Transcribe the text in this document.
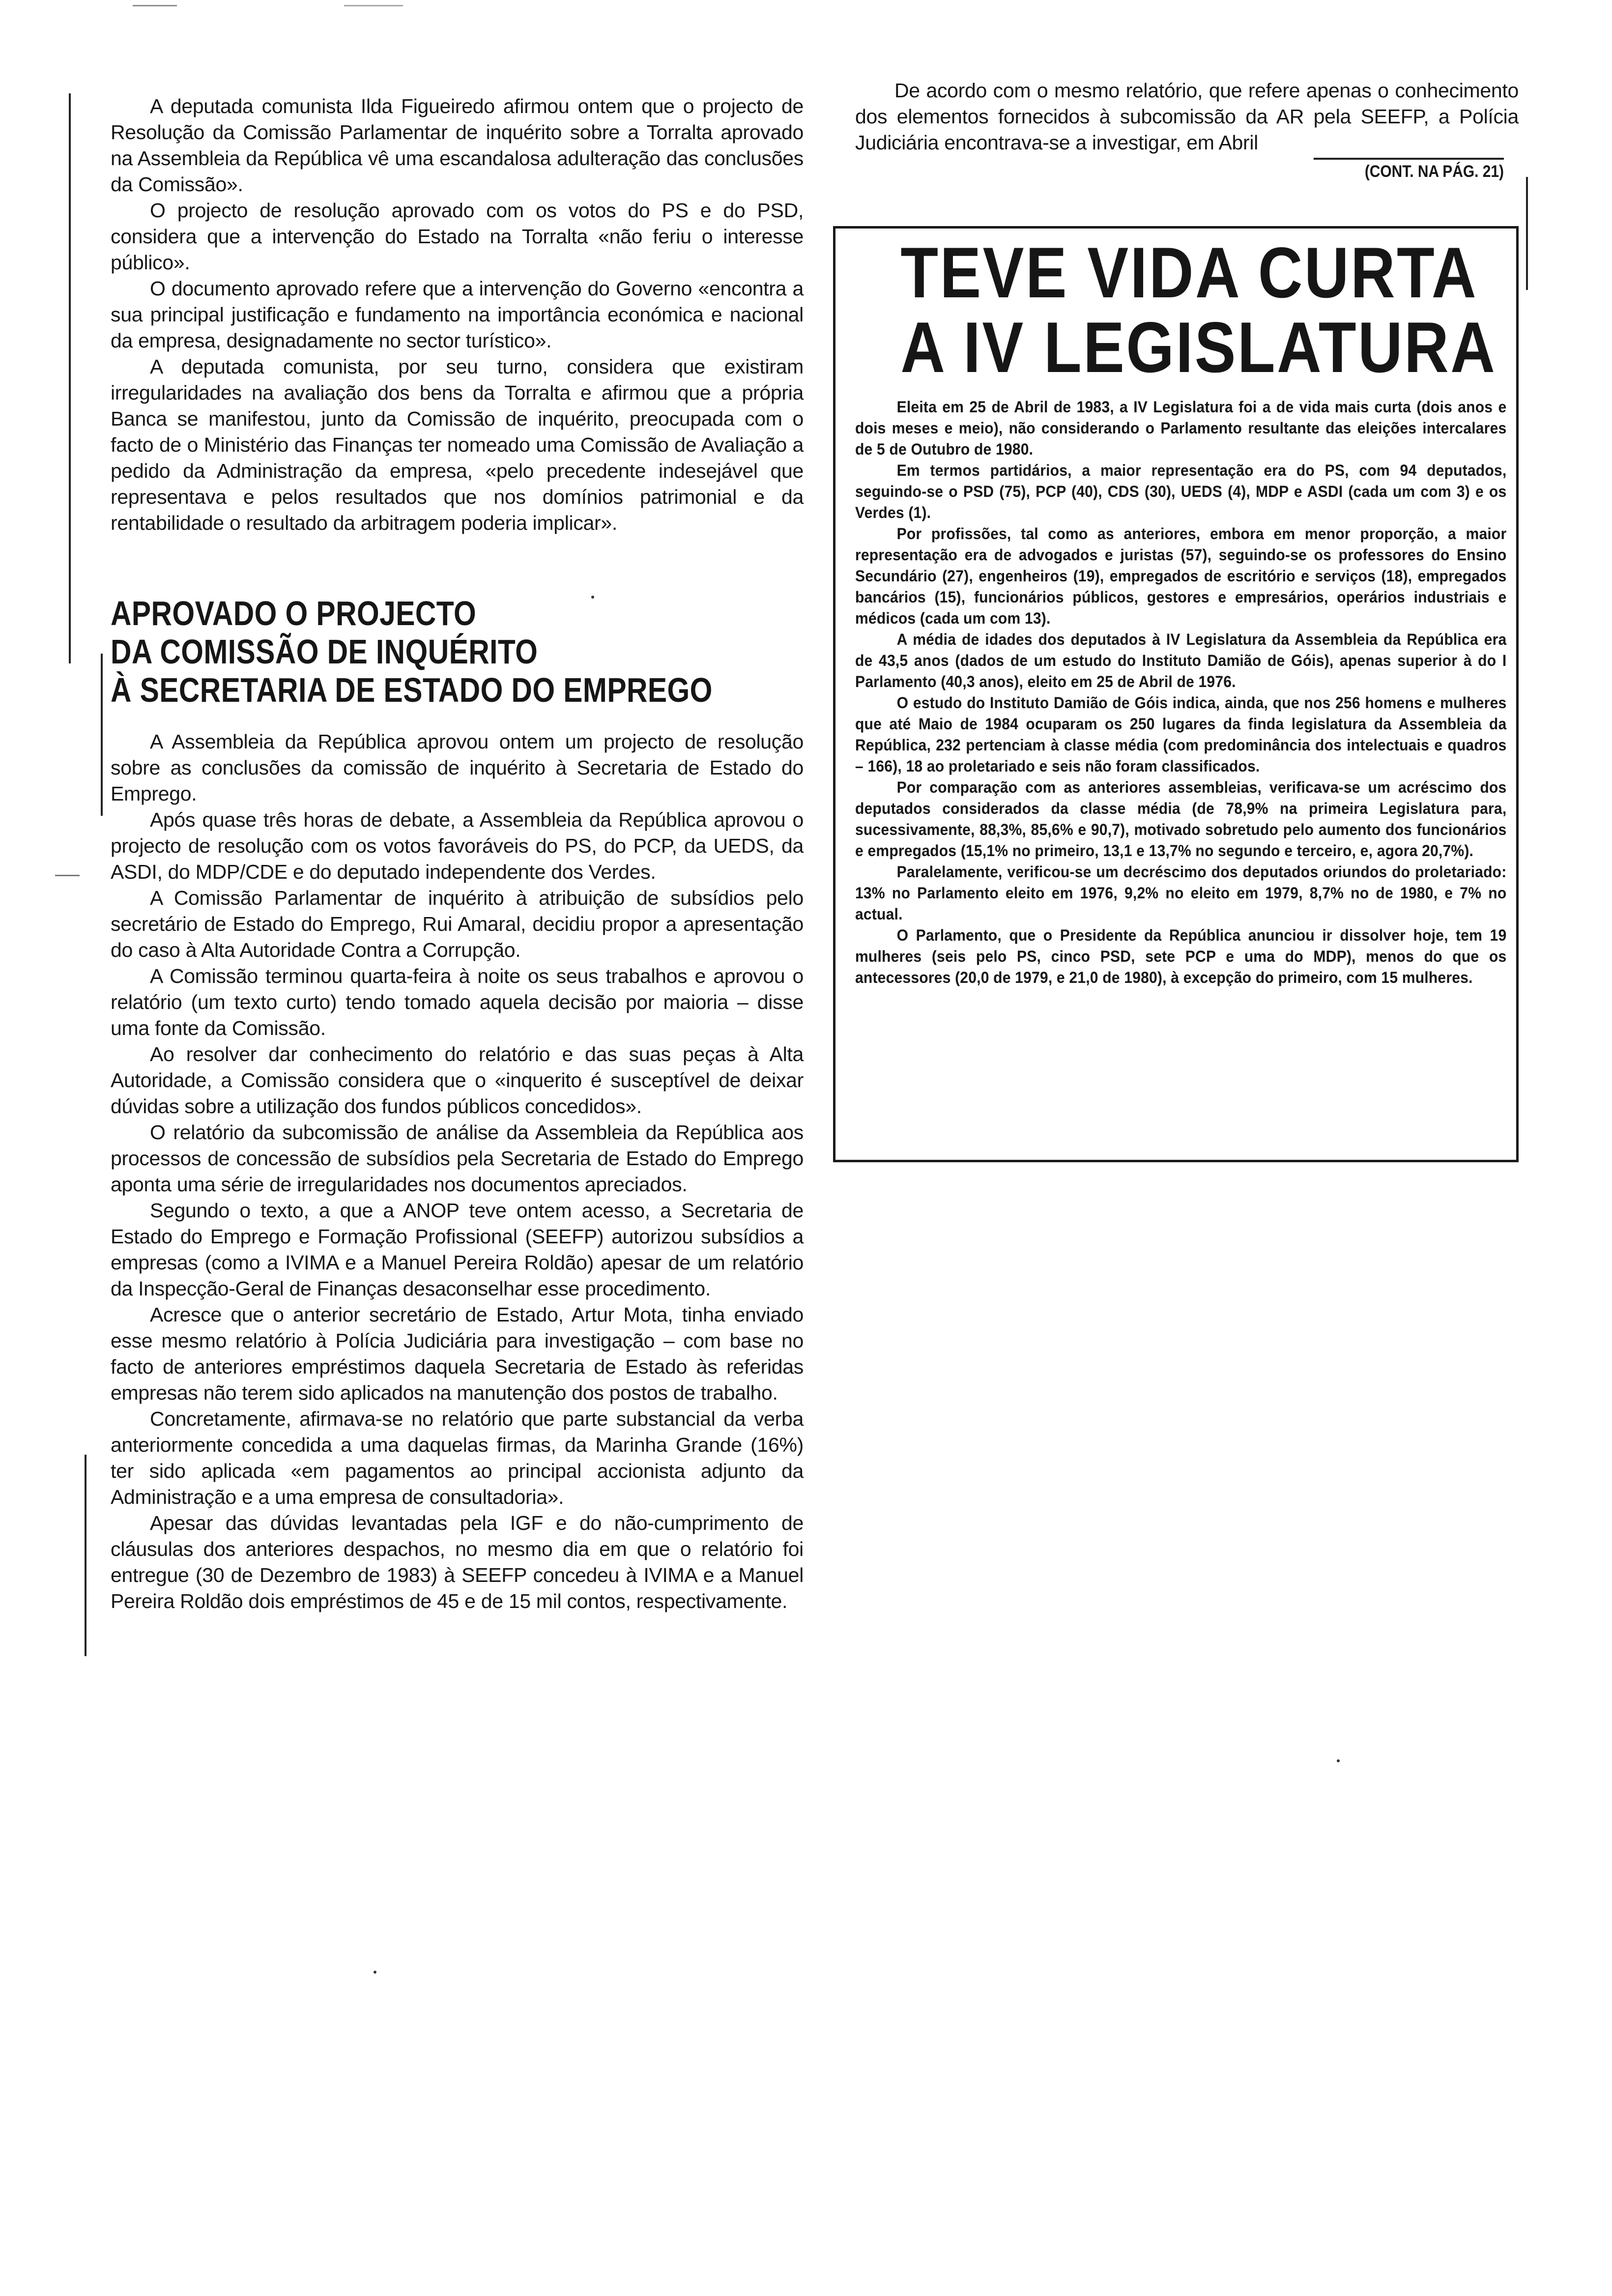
A deputada comunista Ilda Figueiredo afirmou ontem que o projecto de Resolução da Comissão Parlamentar de inquérito sobre a Torralta aprovado na Assembleia da República vê uma escandalosa adulteração das conclusões da Comissão».

O projecto de resolução aprovado com os votos do PS e do PSD, considera que a intervenção do Estado na Torralta «não feriu o interesse público».

O documento aprovado refere que a intervenção do Governo «encontra a sua principal justificação e fundamento na importância económica e nacional da empresa, designadamente no sector turístico».

A deputada comunista, por seu turno, considera que existiram irregularidades na avaliação dos bens da Torralta e afirmou que a própria Banca se manifestou, junto da Comissão de inquérito, preocupada com o facto de o Ministério das Finanças ter nomeado uma Comissão de Avaliação a pedido da Administração da empresa, «pelo precedente indesejável que representava e pelos resultados que nos domínios patrimonial e da rentabilidade o resultado da arbitragem poderia implicar».

APROVADO O PROJECTO
DA COMISSÃO DE INQUÉRITO
À SECRETARIA DE ESTADO DO EMPREGO

A Assembleia da República aprovou ontem um projecto de resolução sobre as conclusões da comissão de inquérito à Secretaria de Estado do Emprego.

Após quase três horas de debate, a Assembleia da República aprovou o projecto de resolução com os votos favoráveis do PS, do PCP, da UEDS, da ASDI, do MDP/CDE e do deputado independente dos Verdes.

A Comissão Parlamentar de inquérito à atribuição de subsídios pelo secretário de Estado do Emprego, Rui Amaral, decidiu propor a apresentação do caso à Alta Autoridade Contra a Corrupção.

A Comissão terminou quarta-feira à noite os seus trabalhos e aprovou o relatório (um texto curto) tendo tomado aquela decisão por maioria – disse uma fonte da Comissão.

Ao resolver dar conhecimento do relatório e das suas peças à Alta Autoridade, a Comissão considera que o «inquerito é susceptível de deixar dúvidas sobre a utilização dos fundos públicos concedidos».

O relatório da subcomissão de análise da Assembleia da República aos processos de concessão de subsídios pela Secretaria de Estado do Emprego aponta uma série de irregularidades nos documentos apreciados.

Segundo o texto, a que a ANOP teve ontem acesso, a Secretaria de Estado do Emprego e Formação Profissional (SEEFP) autorizou subsídios a empresas (como a IVIMA e a Manuel Pereira Roldão) apesar de um relatório da Inspecção-Geral de Finanças desaconselhar esse procedimento.

Acresce que o anterior secretário de Estado, Artur Mota, tinha enviado esse mesmo relatório à Polícia Judiciária para investigação – com base no facto de anteriores empréstimos daquela Secretaria de Estado às referidas empresas não terem sido aplicados na manutenção dos postos de trabalho.

Concretamente, afirmava-se no relatório que parte substancial da verba anteriormente concedida a uma daquelas firmas, da Marinha Grande (16%) ter sido aplicada «em pagamentos ao principal accionista adjunto da Administração e a uma empresa de consultadoria».

Apesar das dúvidas levantadas pela IGF e do não-cumprimento de cláusulas dos anteriores despachos, no mesmo dia em que o relatório foi entregue (30 de Dezembro de 1983) à SEEFP concedeu à IVIMA e a Manuel Pereira Roldão dois empréstimos de 45 e de 15 mil contos, respectivamente.

De acordo com o mesmo relatório, que refere apenas o conhecimento dos elementos fornecidos à subcomissão da AR pela SEEFP, a Polícia Judiciária encontrava-se a investigar, em Abril

(CONT. NA PÁG. 21)
TEVE VIDA CURTA
A IV LEGISLATURA

Eleita em 25 de Abril de 1983, a IV Legislatura foi a de vida mais curta (dois anos e dois meses e meio), não considerando o Parlamento resultante das eleições intercalares de 5 de Outubro de 1980.

Em termos partidários, a maior representação era do PS, com 94 deputados, seguindo-se o PSD (75), PCP (40), CDS (30), UEDS (4), MDP e ASDI (cada um com 3) e os Verdes (1).

Por profissões, tal como as anteriores, embora em menor proporção, a maior representação era de advogados e juristas (57), seguindo-se os professores do Ensino Secundário (27), engenheiros (19), empregados de escritório e serviços (18), empregados bancários (15), funcionários públicos, gestores e empresários, operários industriais e médicos (cada um com 13).

A média de idades dos deputados à IV Legislatura da Assembleia da República era de 43,5 anos (dados de um estudo do Instituto Damião de Góis), apenas superior à do I Parlamento (40,3 anos), eleito em 25 de Abril de 1976.

O estudo do Instituto Damião de Góis indica, ainda, que nos 256 homens e mulheres que até Maio de 1984 ocuparam os 250 lugares da finda legislatura da Assembleia da República, 232 pertenciam à classe média (com predominância dos intelectuais e quadros – 166), 18 ao proletariado e seis não foram classificados.

Por comparação com as anteriores assembleias, verificava-se um acréscimo dos deputados considerados da classe média (de 78,9% na primeira Legislatura para, sucessivamente, 88,3%, 85,6% e 90,7), motivado sobretudo pelo aumento dos funcionários e empregados (15,1% no primeiro, 13,1 e 13,7% no segundo e terceiro, e, agora 20,7%).

Paralelamente, verificou-se um decréscimo dos deputados oriundos do proletariado: 13% no Parlamento eleito em 1976, 9,2% no eleito em 1979, 8,7% no de 1980, e 7% no actual.

O Parlamento, que o Presidente da República anunciou ir dissolver hoje, tem 19 mulheres (seis pelo PS, cinco PSD, sete PCP e uma do MDP), menos do que os antecessores (20,0 de 1979, e 21,0 de 1980), à excepção do primeiro, com 15 mulheres.
